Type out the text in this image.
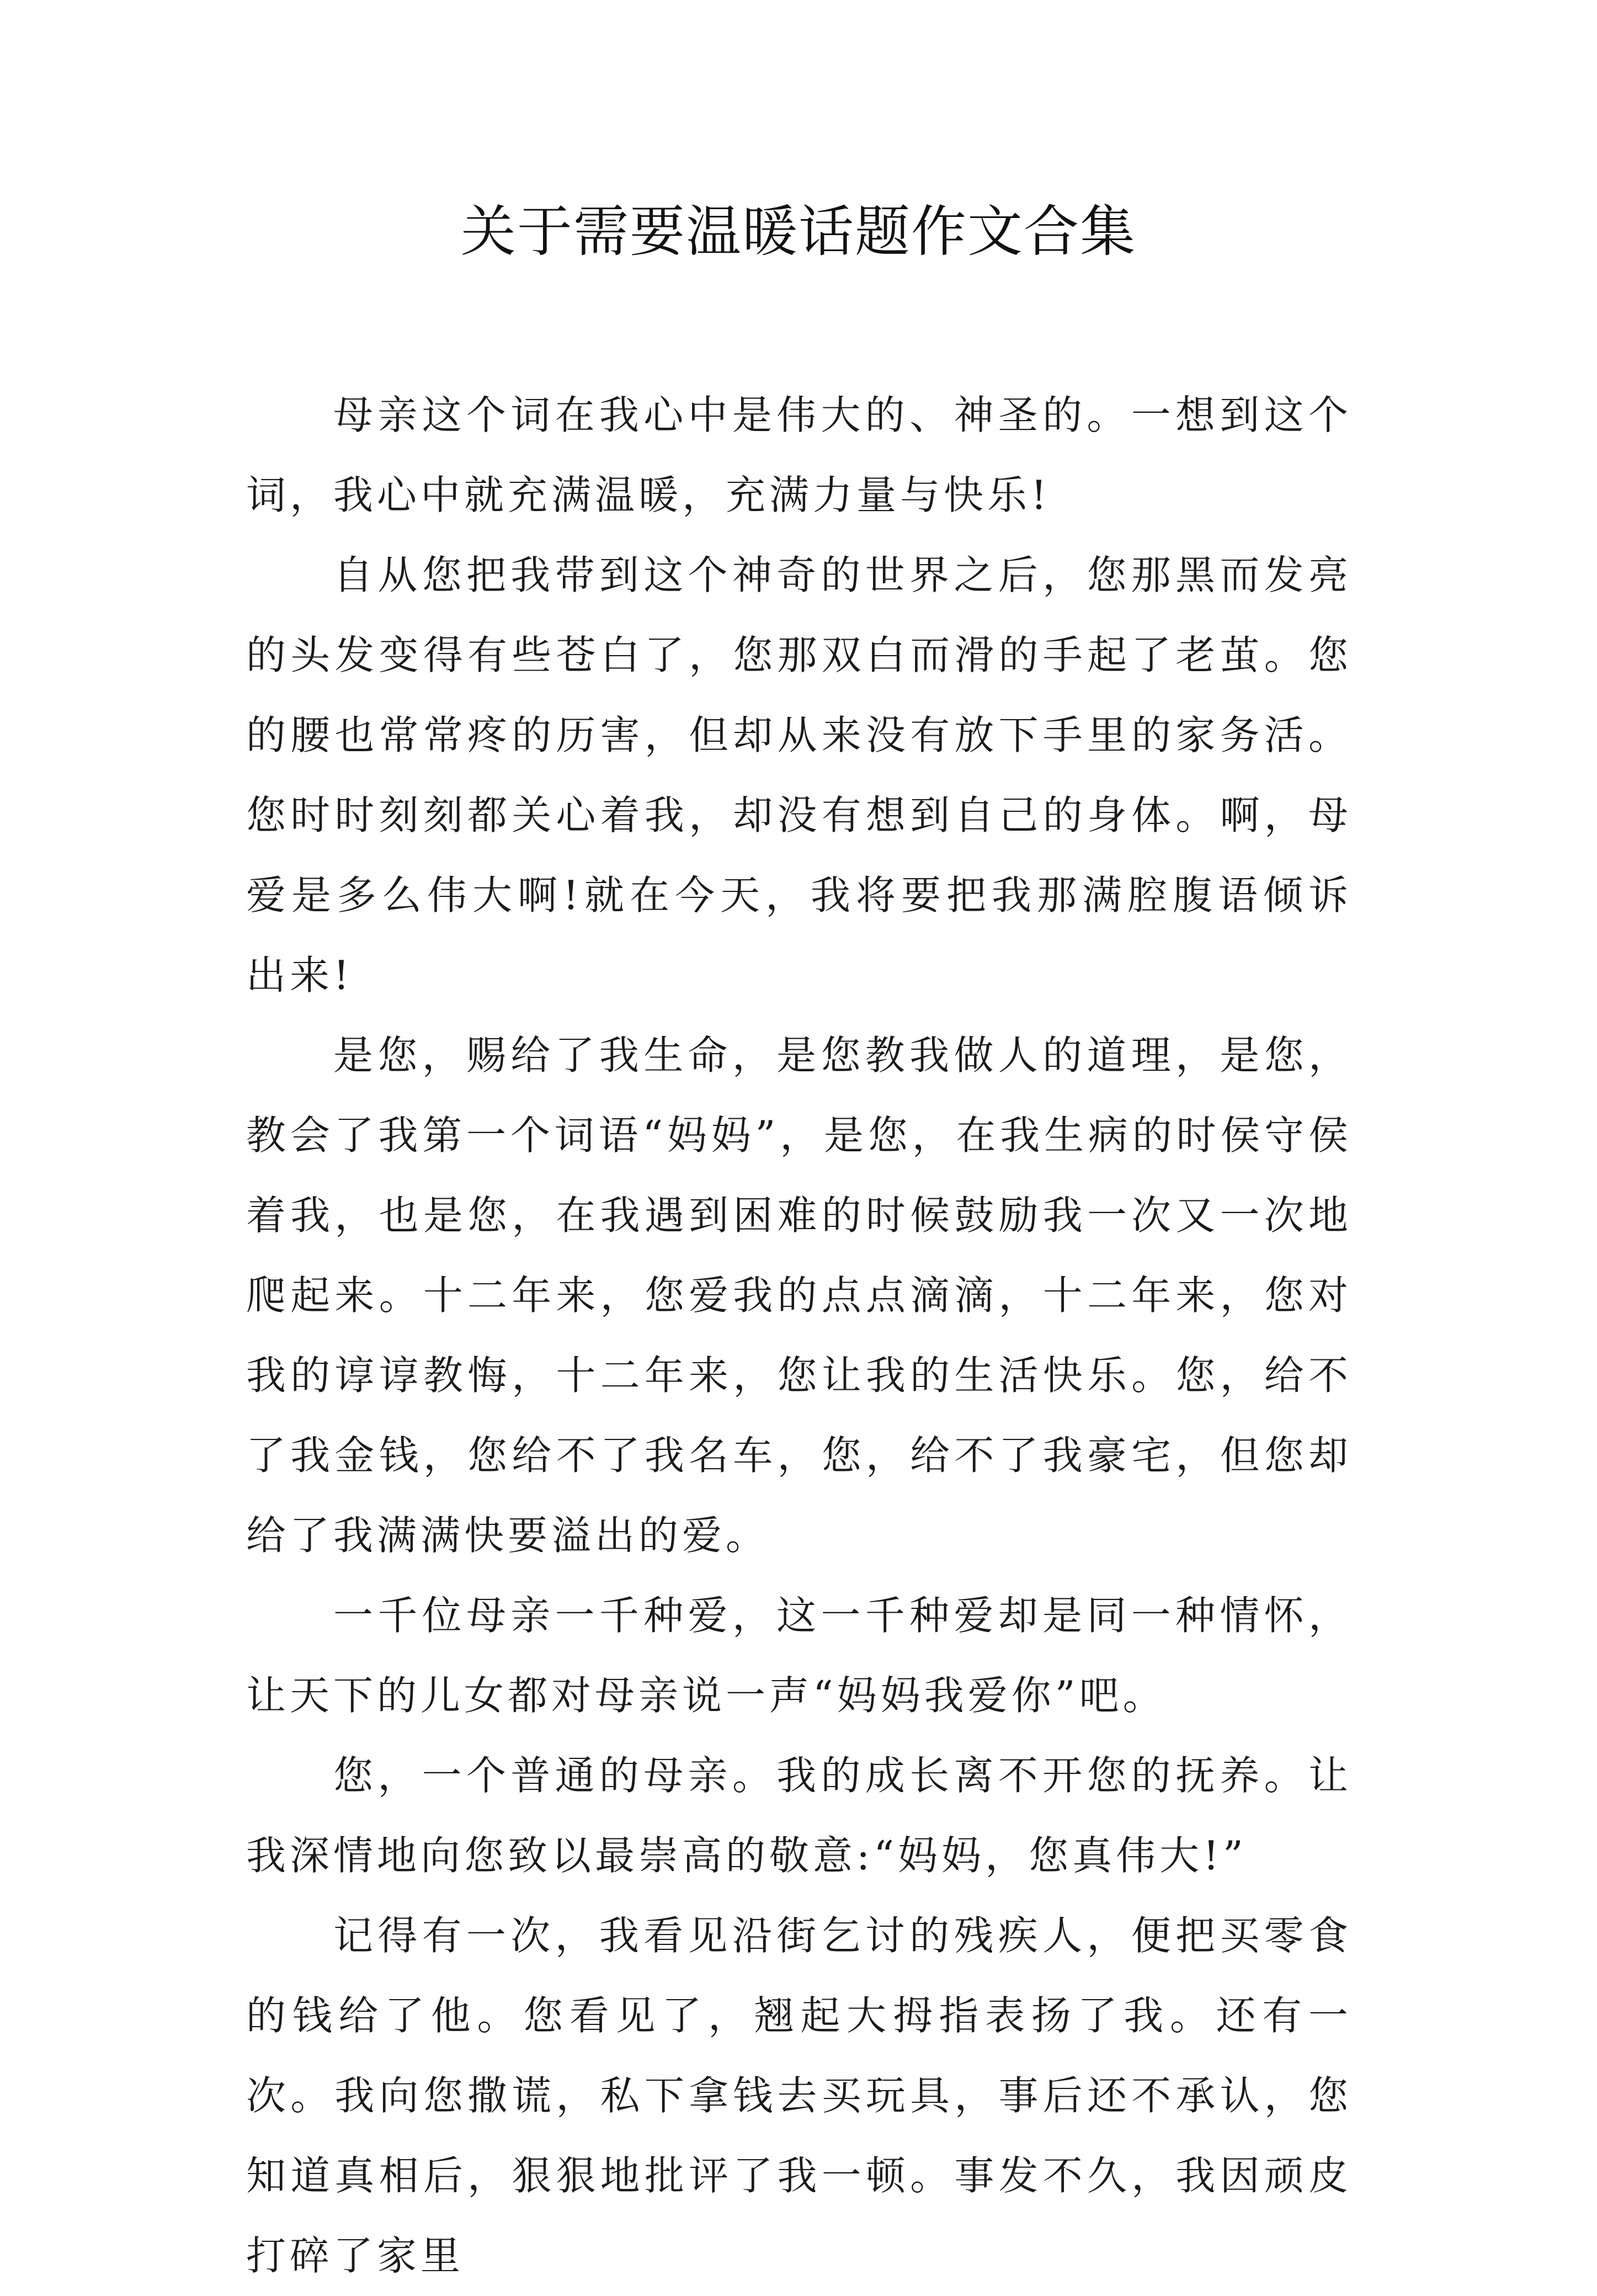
关于需要温暖话题作文合集

母亲这个词在我心中是伟大的、神圣的。一想到这个词，我心中就充满温暖，充满力量与快乐!

自从您把我带到这个神奇的世界之后，您那黑而发亮的头发变得有些苍白了，您那双白而滑的手起了老茧。您的腰也常常疼的历害，但却从来没有放下手里的家务活。您时时刻刻都关心着我，却没有想到自己的身体。啊，母爱是多么伟大啊!就在今天，我将要把我那满腔腹语倾诉出来!

是您，赐给了我生命，是您教我做人的道理，是您，教会了我第一个词语“妈妈”，是您，在我生病的时侯守侯着我，也是您，在我遇到困难的时候鼓励我一次又一次地爬起来。十二年来，您爱我的点点滴滴，十二年来，您对我的谆谆教悔，十二年来，您让我的生活快乐。您，给不了我金钱，您给不了我名车，您，给不了我豪宅，但您却给了我满满快要溢出的爱。

一千位母亲一千种爱，这一千种爱却是同一种情怀，让天下的儿女都对母亲说一声“妈妈我爱你”吧。

您，一个普通的母亲。我的成长离不开您的抚养。让我深情地向您致以最崇高的敬意:“妈妈，您真伟大!”

记得有一次，我看见沿街乞讨的残疾人，便把买零食的钱给了他。您看见了，翘起大拇指表扬了我。还有一次。我向您撒谎，私下拿钱去买玩具，事后还不承认，您知道真相后，狠狠地批评了我一顿。事发不久，我因顽皮打碎了家里
